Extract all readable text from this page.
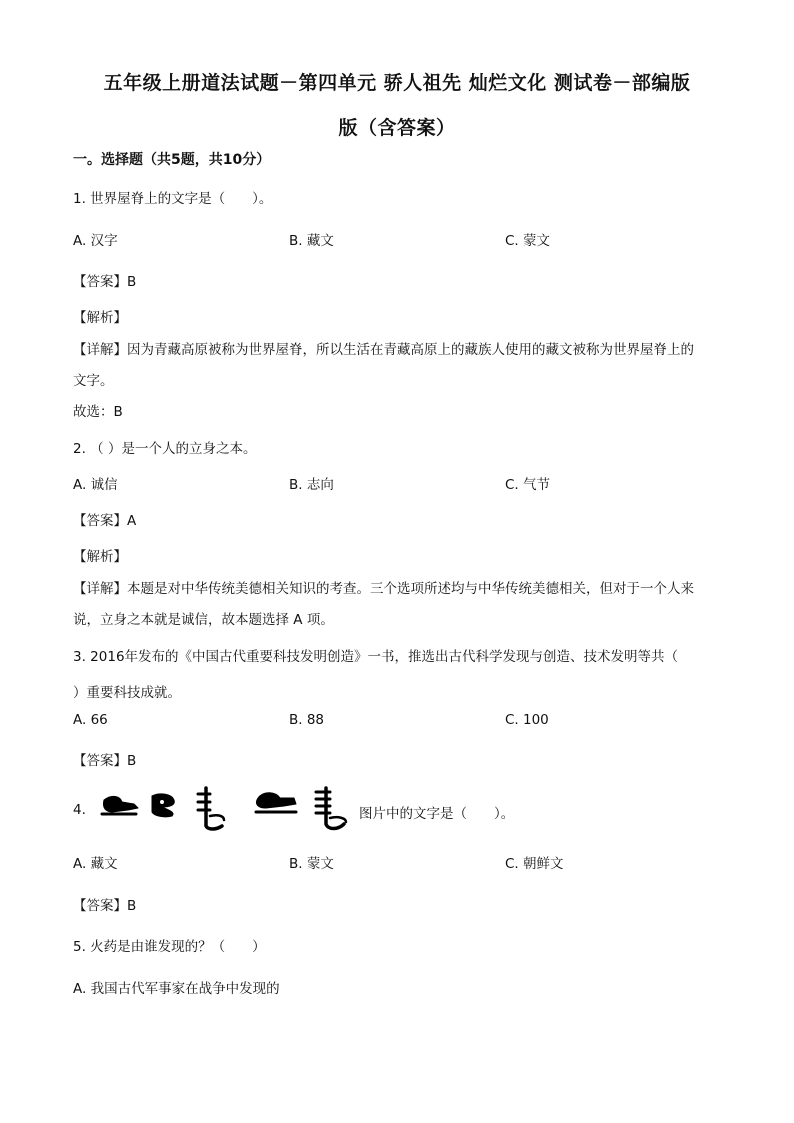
五年级上册道法试题－第四单元 骄人祖先 灿烂文化 测试卷－部编版
版（含答案）
一。选择题（共5题，共10分）
1. 世界屋脊上的文字是（　　）。
A. 汉字	B. 藏文	C. 蒙文
【答案】B
【解析】
【详解】因为青藏高原被称为世界屋脊，所以生活在青藏高原上的藏族人使用的藏文被称为世界屋脊上的
文字。
故选：B
2. （ ）是一个人的立身之本。
A. 诚信	B. 志向	C. 气节
【答案】A
【解析】
【详解】本题是对中华传统美德相关知识的考查。三个选项所述均与中华传统美德相关，但对于一个人来
说，立身之本就是诚信，故本题选择 A 项。
3. 2016年发布的《中国古代重要科技发明创造》一书，推选出古代科学发现与创造、技术发明等共（
）重要科技成就。
A. 66	B. 88	C. 100
【答案】B
4.	图片中的文字是（　　）。
A. 藏文	B. 蒙文	C. 朝鲜文
【答案】B
5. 火药是由谁发现的？（　　）
A. 我国古代军事家在战争中发现的
